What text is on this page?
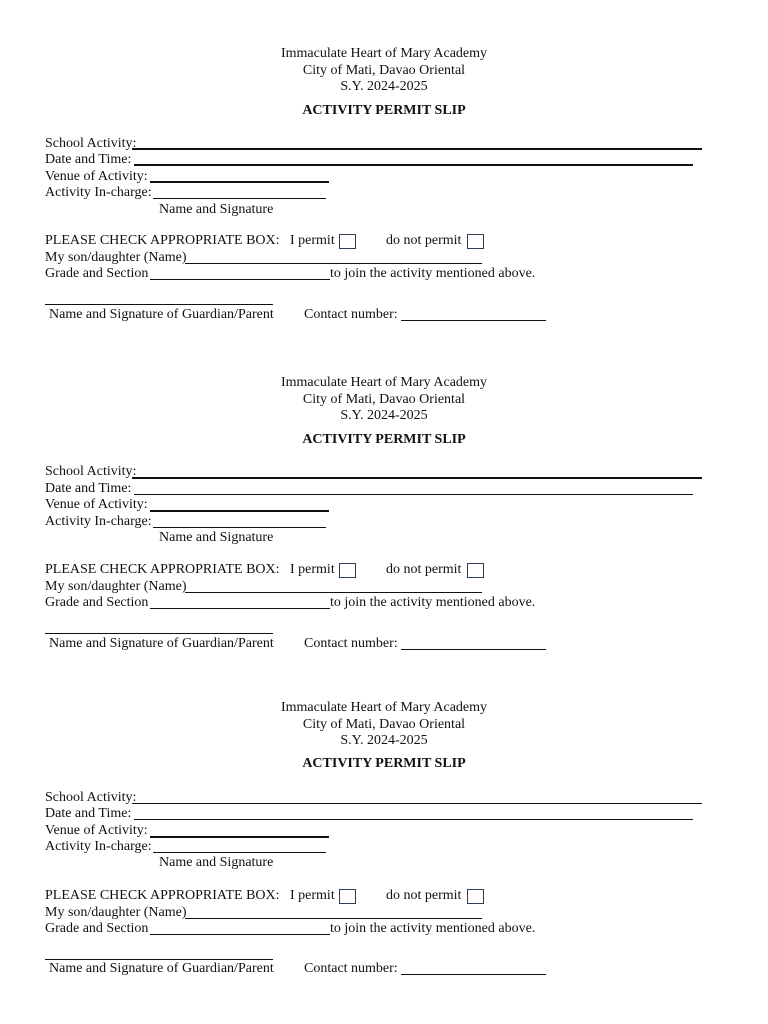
Immaculate Heart of Mary Academy
City of Mati, Davao Oriental
S.Y. 2024-2025
ACTIVITY PERMIT SLIP
School Activity:
Date and Time:
Venue of Activity:
Activity In-charge:
Name and Signature
PLEASE CHECK APPROPRIATE BOX: I permit	do not permit
My son/daughter (Name)
Grade and Section	to join the activity mentioned above.
Name and Signature of Guardian/Parent Contact number:
Immaculate Heart of Mary Academy
City of Mati, Davao Oriental
S.Y. 2024-2025
ACTIVITY PERMIT SLIP
School Activity:
Date and Time:
Venue of Activity:
Activity In-charge:
Name and Signature
PLEASE CHECK APPROPRIATE BOX: I permit	do not permit
My son/daughter (Name)
Grade and Section	to join the activity mentioned above.
Name and Signature of Guardian/Parent Contact number:
Immaculate Heart of Mary Academy
City of Mati, Davao Oriental
S.Y. 2024-2025
ACTIVITY PERMIT SLIP
School Activity:
Date and Time:
Venue of Activity:
Activity In-charge:
Name and Signature
PLEASE CHECK APPROPRIATE BOX: I permit	do not permit
My son/daughter (Name)
Grade and Section	to join the activity mentioned above.
Name and Signature of Guardian/Parent Contact number:
